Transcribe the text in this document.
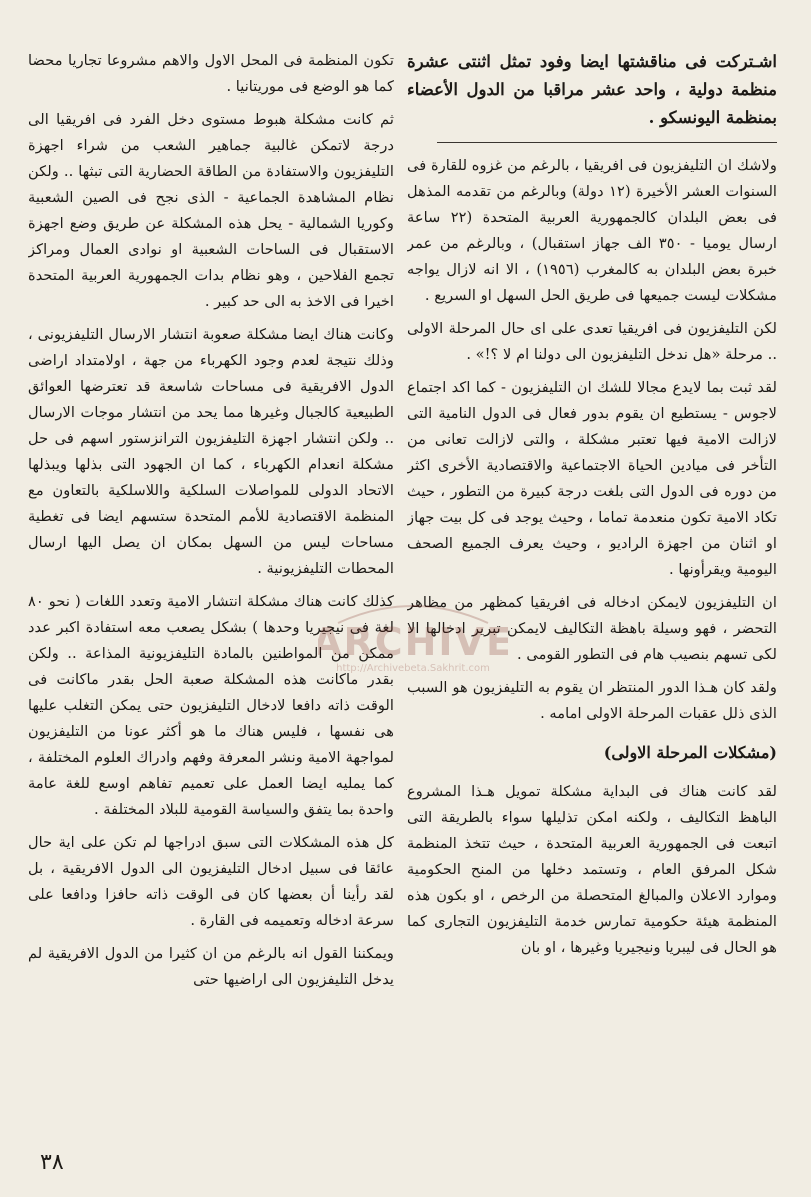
اشـتركت فى مناقشتها ايضا وفود تمثل اثنتى عشرة منظمة دولية ، واحد عشر مراقبا من الدول الأعضاء بمنظمة اليونسكو .

ولاشك ان التليفزيون فى افريقيا ، بالرغم من غزوه للقارة فى السنوات العشر الأخيرة (١٢ دولة) وبالرغم من تقدمه المذهل فى بعض البلدان كالجمهورية العربية المتحدة (٢٢ ساعة ارسال يوميا - ٣٥٠ الف جهاز استقبال) ، وبالرغم من عمر خبرة بعض البلدان به كالمغرب (١٩٥٦) ، الا انه لازال يواجه مشكلات ليست جميعها فى طريق الحل السهل او السريع .

لكن التليفزيون فى افريقيا تعدى على اى حال المرحلة الاولى .. مرحلة «هل ندخل التليفزيون الى دولنا ام لا ؟!» .

لقد ثبت بما لايدع مجالا للشك ان التليفزيون - كما اكد اجتماع لاجوس - يستطيع ان يقوم بدور فعال فى الدول النامية التى لازالت الامية فيها تعتبر مشكلة ، والتى لازالت تعانى من التأخر فى ميادين الحياة الاجتماعية والاقتصادية الأخرى اكثر من دوره فى الدول التى بلغت درجة كبيرة من التطور ، حيث تكاد الامية تكون منعدمة تماما ، وحيث يوجد فى كل بيت جهاز او اثنان من اجهزة الراديو ، وحيث يعرف الجميع الصحف اليومية ويقرأونها .

ان التليفزيون لايمكن ادخاله فى افريقيا كمظهر من مظاهر التحضر ، فهو وسيلة باهظة التكاليف لايمكن تبرير ادخالها الا لكى تسهم بنصيب هام فى التطور القومى .

ولقد كان هـذا الدور المنتظر ان يقوم به التليفزيون هو السبب الذى ذلل عقبات المرحلة الاولى امامه .

(مشكلات المرحلة الاولى)

لقد كانت هناك فى البداية مشكلة تمويل هـذا المشروع الباهظ التكاليف ، ولكنه امكن تذليلها سواء بالطريقة التى اتبعت فى الجمهورية العربية المتحدة ، حيث تتخذ المنظمة شكل المرفق العام ، وتستمد دخلها من المنح الحكومية وموارد الاعلان والمبالغ المتحصلة من الرخص ، او بكون هذه المنظمة هيئة حكومية تمارس خدمة التليفزيون التجارى كما هو الحال فى ليبريا ونيجيريا وغيرها ، او بان

تكون المنظمة فى المحل الاول والاهم مشروعا تجاريا محضا كما هو الوضع فى موريتانيا .

ثم كانت مشكلة هبوط مستوى دخل الفرد فى افريقيا الى درجة لاتمكن غالبية جماهير الشعب من شراء اجهزة التليفزيون والاستفادة من الطاقة الحضارية التى تبثها .. ولكن نظام المشاهدة الجماعية - الذى نجح فى الصين الشعبية وكوريا الشمالية - يحل هذه المشكلة عن طريق وضع اجهزة الاستقبال فى الساحات الشعبية او نوادى العمال ومراكز تجمع الفلاحين ، وهو نظام بدات الجمهورية العربية المتحدة اخيرا فى الاخذ به الى حد كبير .

وكانت هناك ايضا مشكلة صعوبة انتشار الارسال التليفزيونى ، وذلك نتيجة لعدم وجود الكهرباء من جهة ، اولامتداد اراضى الدول الافريقية فى مساحات شاسعة قد تعترضها العوائق الطبيعية كالجبال وغيرها مما يحد من انتشار موجات الارسال .. ولكن انتشار اجهزة التليفزيون الترانزستور اسهم فى حل مشكلة انعدام الكهرباء ، كما ان الجهود التى بذلها ويبذلها الاتحاد الدولى للمواصلات السلكية واللاسلكية بالتعاون مع المنظمة الاقتصادية للأمم المتحدة ستسهم ايضا فى تغطية مساحات ليس من السهل بمكان ان يصل اليها ارسال المحطات التليفزيونية .

كذلك كانت هناك مشكلة انتشار الامية وتعدد اللغات ( نحو ٨٠ لغة فى نيجيريا وحدها ) بشكل يصعب معه استفادة اكبر عدد ممكن من المواطنين بالمادة التليفزيونية المذاعة .. ولكن بقدر ماكانت هذه المشكلة صعبة الحل بقدر ماكانت فى الوقت ذاته دافعا لادخال التليفزيون حتى يمكن التغلب عليها هى نفسها ، فليس هناك ما هو أكثر عونا من التليفزيون لمواجهة الامية ونشر المعرفة وفهم وادراك العلوم المختلفة ، كما يمليه ايضا العمل على تعميم تفاهم اوسع للغة عامة واحدة بما يتفق والسياسة القومية للبلاد المختلفة .

كل هذه المشكلات التى سبق ادراجها لم تكن على اية حال عائقا فى سبيل ادخال التليفزيون الى الدول الافريقية ، بل لقد رأينا أن بعضها كان فى الوقت ذاته حافزا ودافعا على سرعة ادخاله وتعميمه فى القارة .

ويمكننا القول انه بالرغم من ان كثيرا من الدول الافريقية لم يدخل التليفزيون الى اراضيها حتى

ARCHIVE
http://Archivebeta.Sakhrit.com
٣٨
